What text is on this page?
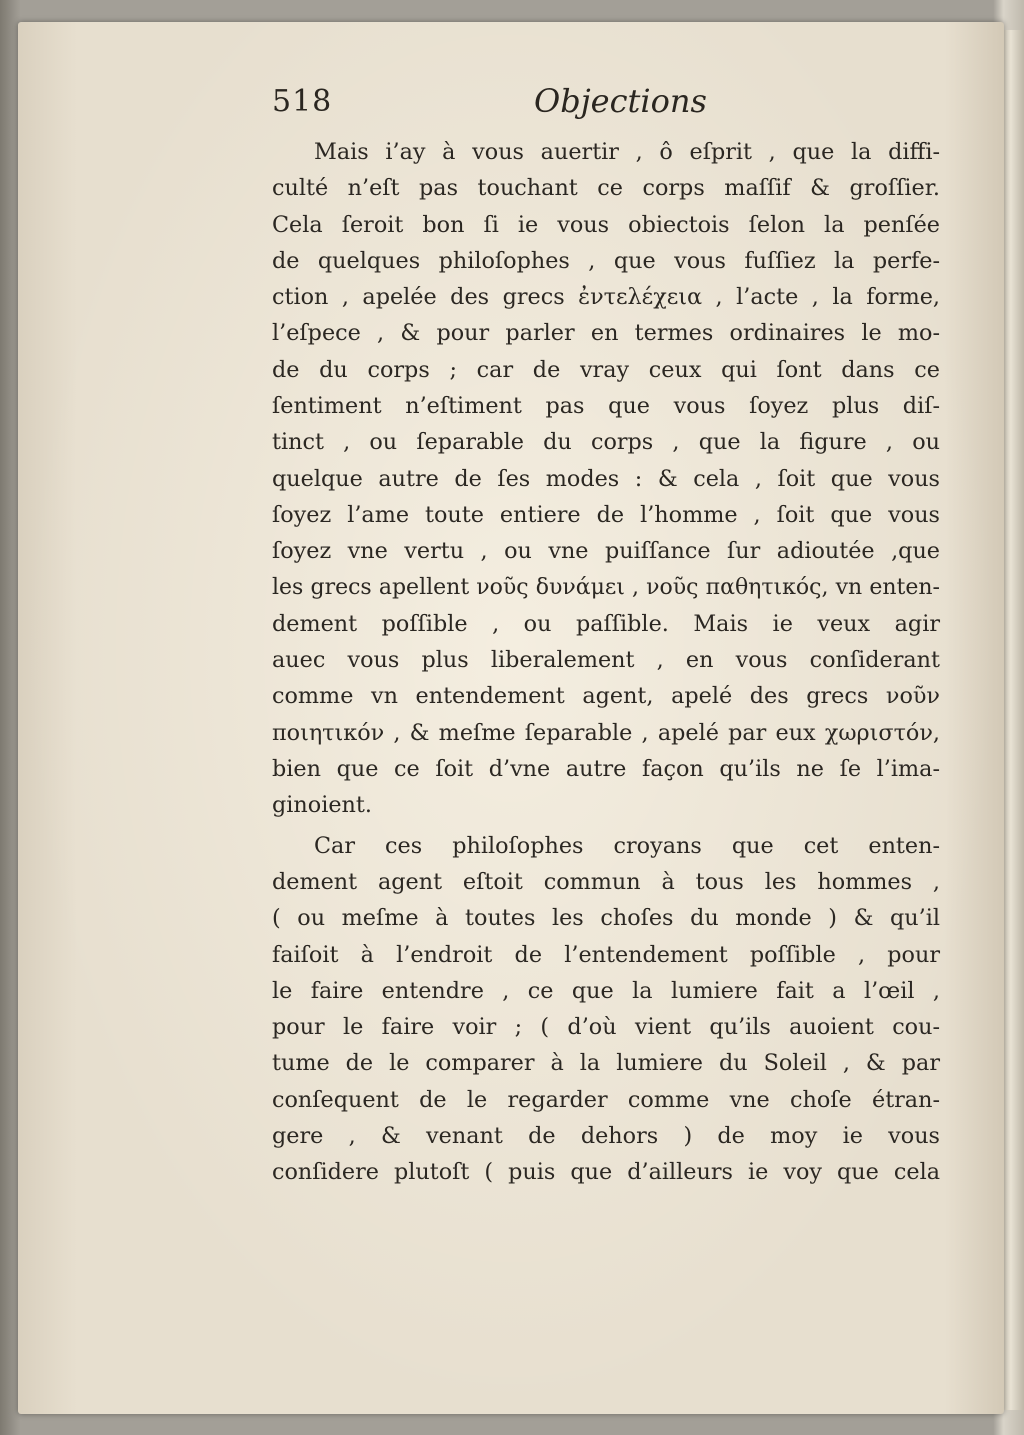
518	Objections
Mais i’ay à vous auertir , ô eſprit , que la diffi-
culté n’eſt pas touchant ce corps maſſif & groſſier.
Cela ſeroit bon ſi ie vous obiectois ſelon la penſée
de quelques philoſophes , que vous fuſſiez la perfe-
ction , apelée des grecs ἐντελέχεια , l’acte , la forme,
l’eſpece , & pour parler en termes ordinaires le mo-
de du corps ; car de vray ceux qui ſont dans ce
ſentiment n’eſtiment pas que vous ſoyez plus diſ-
tinct , ou ſeparable du corps , que la figure , ou
quelque autre de ſes modes : & cela , ſoit que vous
ſoyez l’ame toute entiere de l’homme , ſoit que vous
ſoyez vne vertu , ou vne puiſſance ſur adioutée ,que
les grecs apellent νοῦς δυνάμει , νοῦς παθητικός, vn enten-
dement poſſible , ou paſſible. Mais ie veux agir
auec vous plus liberalement , en vous conſiderant
comme vn entendement agent, apelé des grecs νοῦν
ποιητικόν , & meſme ſeparable , apelé par eux χωριστόν,
bien que ce ſoit d’vne autre façon qu’ils ne ſe l’ima-
ginoient.
Car ces philoſophes croyans que cet enten-
dement agent eſtoit commun à tous les hommes ,
( ou meſme à toutes les choſes du monde ) & qu’il
faiſoit à l’endroit de l’entendement poſſible , pour
le faire entendre , ce que la lumiere fait a l’œil ,
pour le faire voir ; ( d’où vient qu’ils auoient cou-
tume de le comparer à la lumiere du Soleil , & par
conſequent de le regarder comme vne choſe étran-
gere , & venant de dehors ) de moy ie vous
conſidere plutoſt ( puis que d’ailleurs ie voy que cela
